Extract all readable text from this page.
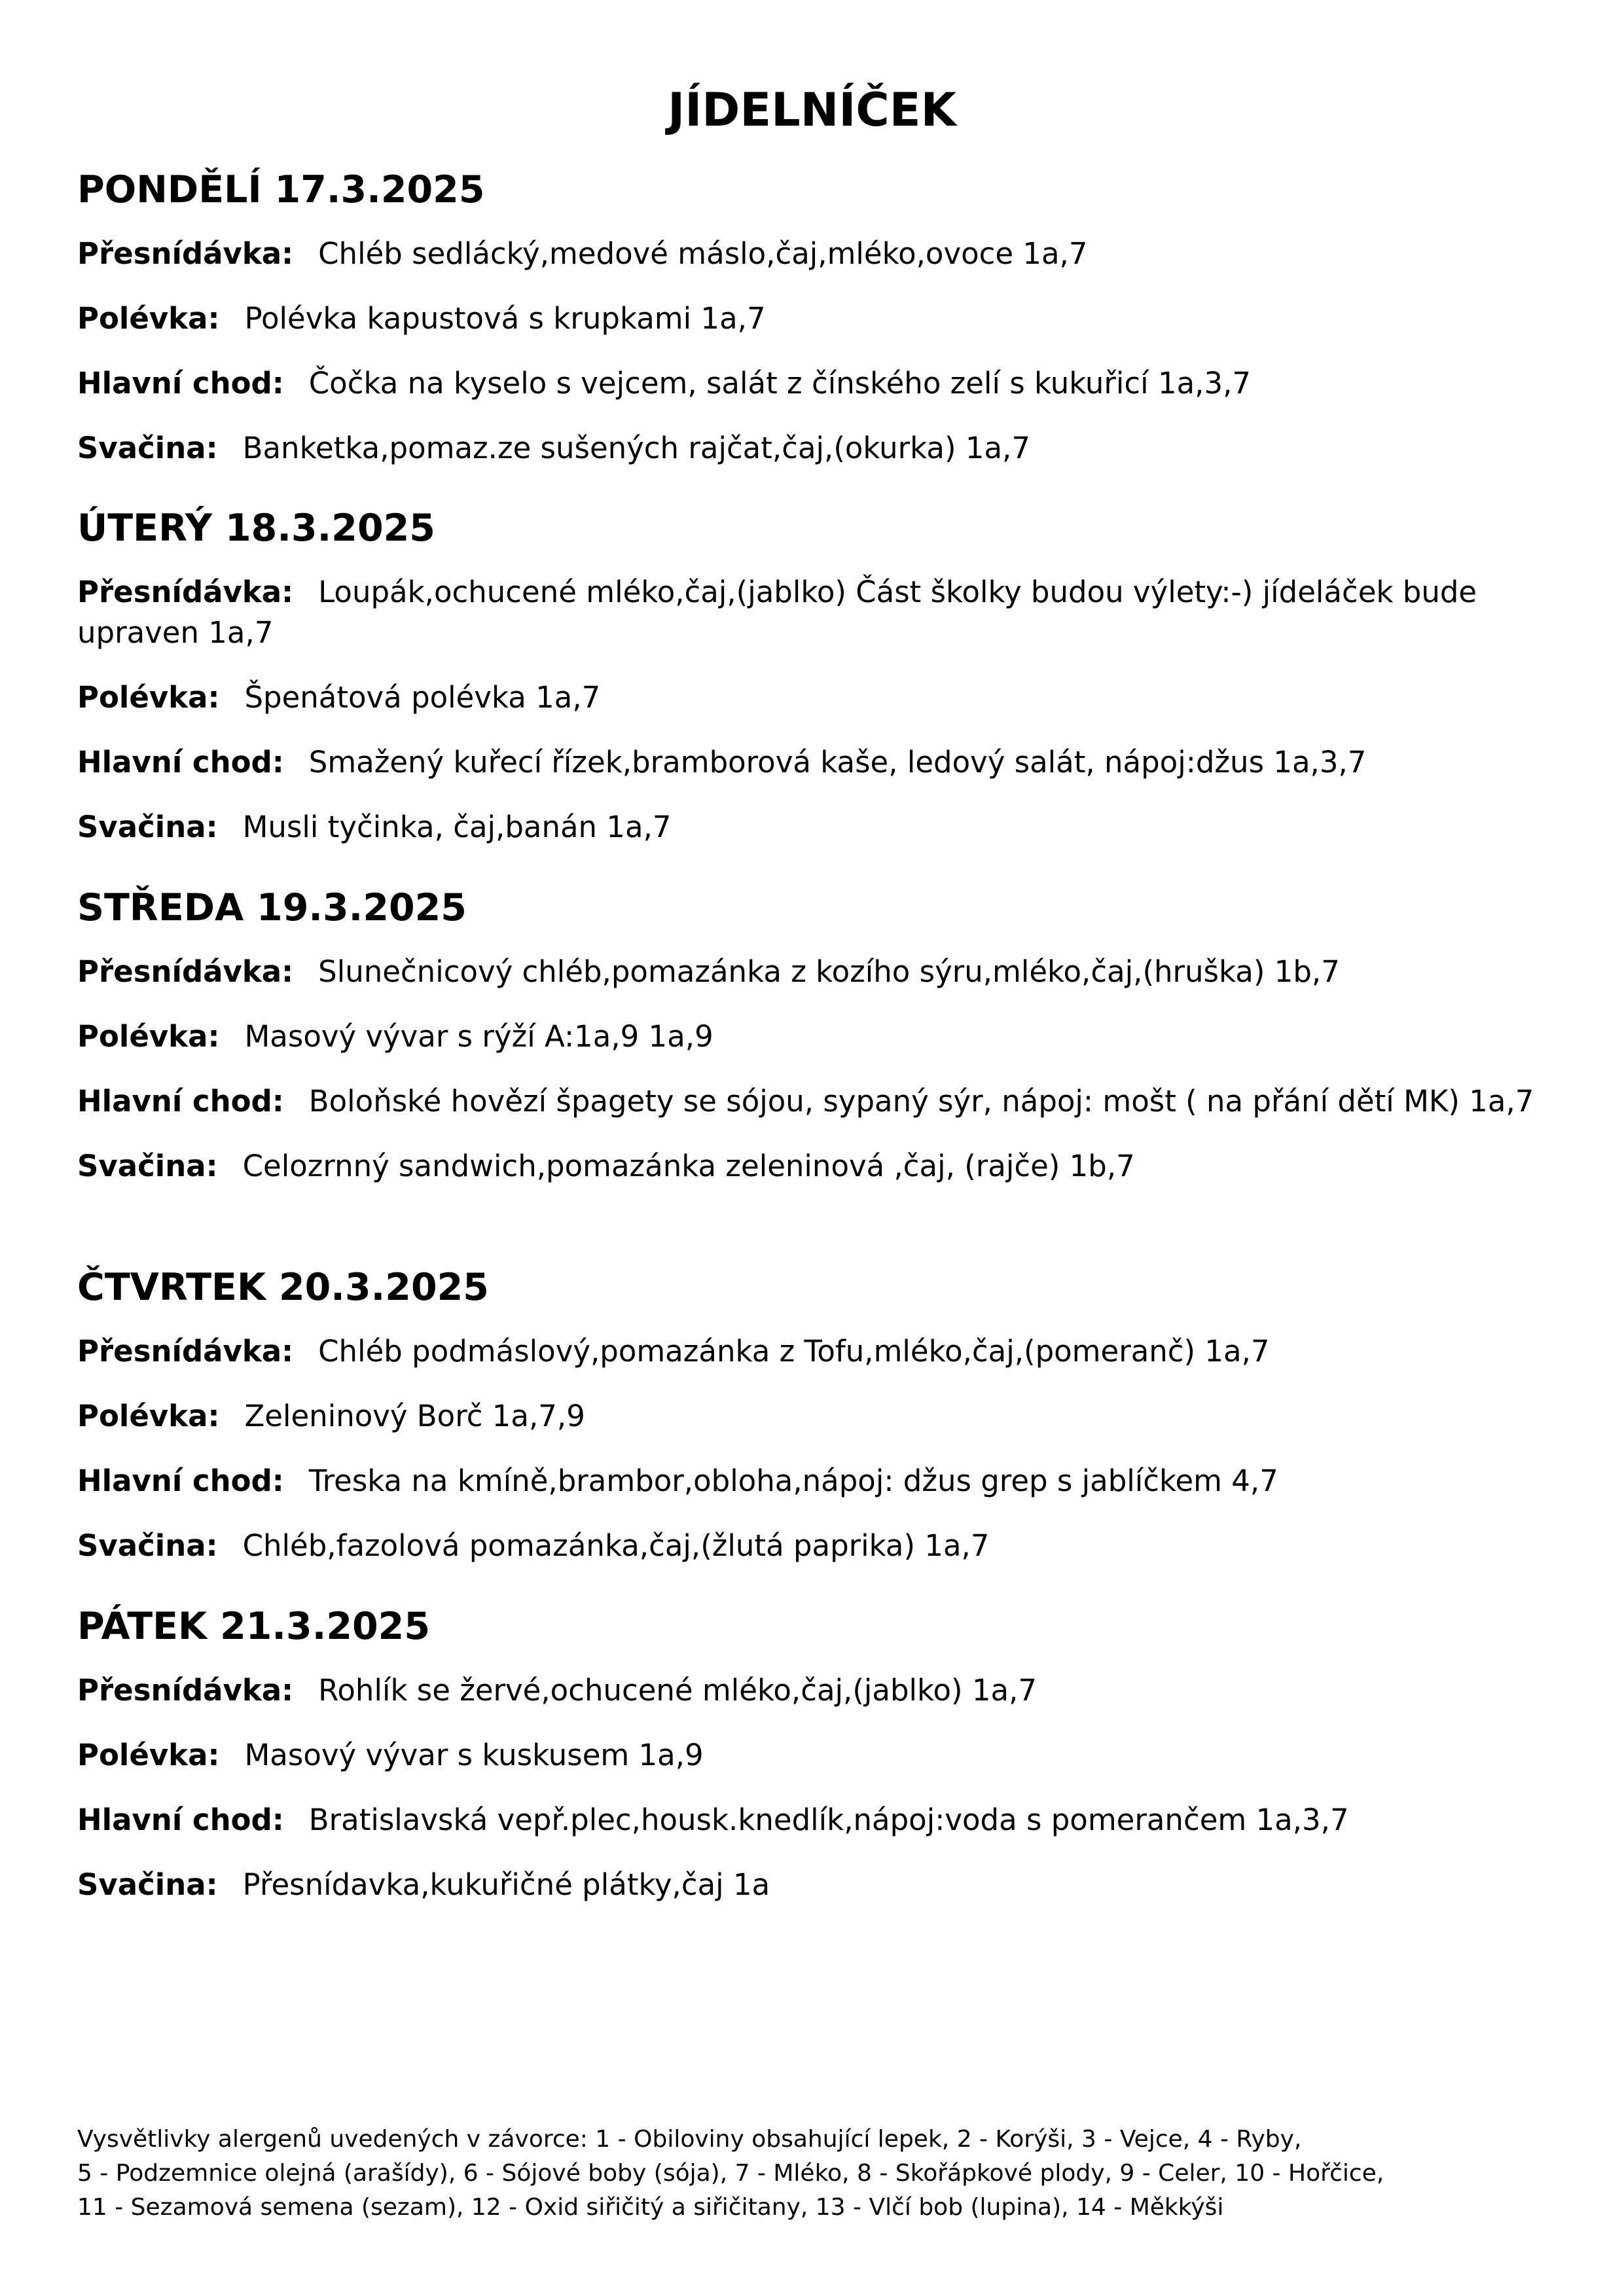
JÍDELNÍČEK
PONDĚLÍ 17.3.2025
Přesnídávka: Chléb sedlácký,medové máslo,čaj,mléko,ovoce 1a,7
Polévka: Polévka kapustová s krupkami 1a,7
Hlavní chod: Čočka na kyselo s vejcem, salát z čínského zelí s kukuřicí 1a,3,7
Svačina: Banketka,pomaz.ze sušených rajčat,čaj,(okurka) 1a,7
ÚTERÝ 18.3.2025
Přesnídávka: Loupák,ochucené mléko,čaj,(jablko) Část školky budou výlety:-) jídeláček bude upraven 1a,7
Polévka: Špenátová polévka 1a,7
Hlavní chod: Smažený kuřecí řízek,bramborová kaše, ledový salát, nápoj:džus 1a,3,7
Svačina: Musli tyčinka, čaj,banán 1a,7
STŘEDA 19.3.2025
Přesnídávka: Slunečnicový chléb,pomazánka z kozího sýru,mléko,čaj,(hruška) 1b,7
Polévka: Masový vývar s rýží A:1a,9 1a,9
Hlavní chod: Boloňské hovězí špagety se sójou, sypaný sýr, nápoj: mošt ( na přání dětí MK) 1a,7
Svačina: Celozrnný sandwich,pomazánka zeleninová ,čaj, (rajče) 1b,7
ČTVRTEK 20.3.2025
Přesnídávka: Chléb podmáslový,pomazánka z Tofu,mléko,čaj,(pomeranč) 1a,7
Polévka: Zeleninový Borč 1a,7,9
Hlavní chod: Treska na kmíně,brambor,obloha,nápoj: džus grep s jablíčkem 4,7
Svačina: Chléb,fazolová pomazánka,čaj,(žlutá paprika) 1a,7
PÁTEK 21.3.2025
Přesnídávka: Rohlík se žervé,ochucené mléko,čaj,(jablko) 1a,7
Polévka: Masový vývar s kuskusem 1a,9
Hlavní chod: Bratislavská vepř.plec,housk.knedlík,nápoj:voda s pomerančem 1a,3,7
Svačina: Přesnídavka,kukuřičné plátky,čaj 1a
Vysvětlivky alergenů uvedených v závorce: 1 - Obiloviny obsahující lepek, 2 - Korýši, 3 - Vejce, 4 - Ryby,
5 - Podzemnice olejná (arašídy), 6 - Sójové boby (sója), 7 - Mléko, 8 - Skořápkové plody, 9 - Celer, 10 - Hořčice,
11 - Sezamová semena (sezam), 12 - Oxid siřičitý a siřičitany, 13 - Vlčí bob (lupina), 14 - Měkkýši
